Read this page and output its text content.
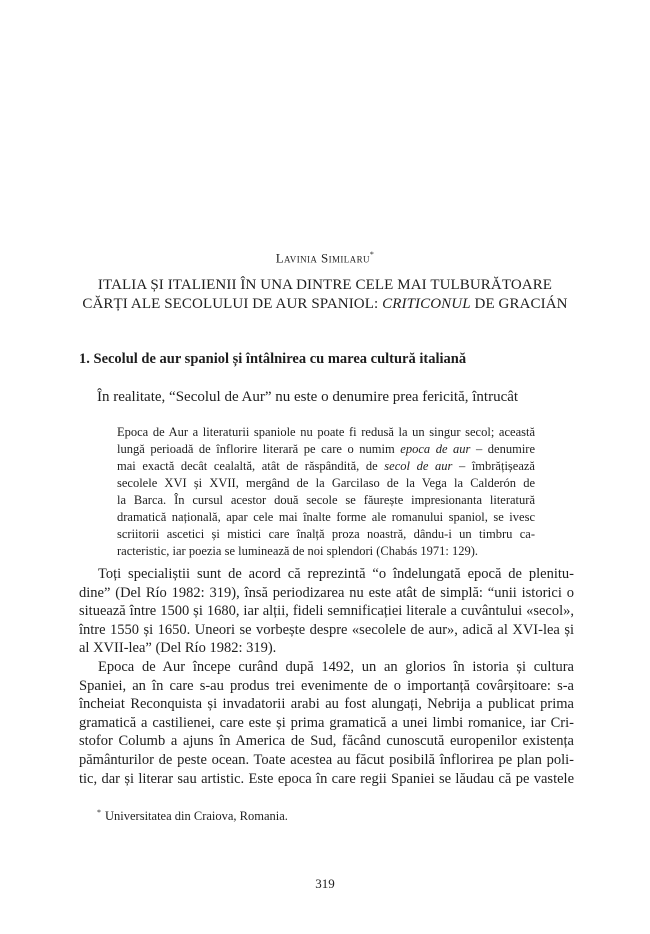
Lavinia Similaru*
ITALIA ȘI ITALIENII ÎN UNA DINTRE CELE MAI TULBURĂTOARE
CĂRȚI ALE SECOLULUI DE AUR SPANIOL: CRITICONUL DE GRACIÁN
1. Secolul de aur spaniol și întâlnirea cu marea cultură italiană
În realitate, “Secolul de Aur” nu este o denumire prea fericită, întrucât
Epoca de Aur a literaturii spaniole nu poate fi redusă la un singur secol; această
lungă perioadă de înflorire literară pe care o numim epoca de aur – denumire
mai exactă decât cealaltă, atât de răspândită, de secol de aur – îmbrățișează
secolele XVI și XVII, mergând de la Garcilaso de la Vega la Calderón de
la Barca. În cursul acestor două secole se făurește impresionanta literatură
dramatică națională, apar cele mai înalte forme ale romanului spaniol, se ivesc
scriitorii ascetici și mistici care înalță proza noastră, dându-i un timbru ca-
racteristic, iar poezia se luminează de noi splendori (Chabás 1971: 129).
Toți specialiștii sunt de acord că reprezintă “o îndelungată epocă de plenitu-
dine” (Del Río 1982: 319), însă periodizarea nu este atât de simplă: “unii istorici o
situează între 1500 și 1680, iar alții, fideli semnificației literale a cuvântului «secol»,
între 1550 și 1650. Uneori se vorbește despre «secolele de aur», adică al XVI-lea și
al XVII-lea” (Del Río 1982: 319).
Epoca de Aur începe curând după 1492, un an glorios în istoria și cultura
Spaniei, an în care s-au produs trei evenimente de o importanță covârșitoare: s-a
încheiat Reconquista și invadatorii arabi au fost alungați, Nebrija a publicat prima
gramatică a castilienei, care este și prima gramatică a unei limbi romanice, iar Cri-
stofor Columb a ajuns în America de Sud, făcând cunoscută europenilor existența
pământurilor de peste ocean. Toate acestea au făcut posibilă înflorirea pe plan poli-
tic, dar și literar sau artistic. Este epoca în care regii Spaniei se lăudau că pe vastele
* Universitatea din Craiova, Romania.
319
